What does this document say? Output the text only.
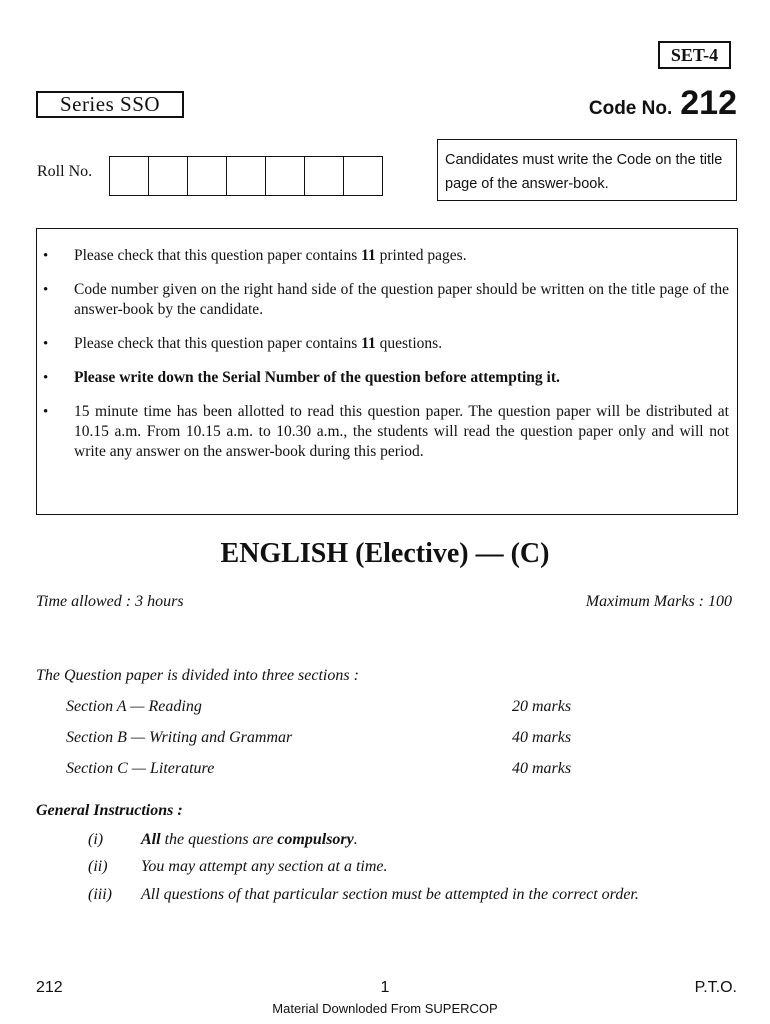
SET-4
Series SSO	Code No. 212
Roll No.
Candidates must write the Code on the title page of the answer-book.
•	Please check that this question paper contains 11 printed pages.
•	Code number given on the right hand side of the question paper should be written on the title page of the answer-book by the candidate.
•	Please check that this question paper contains 11 questions.
•	Please write down the Serial Number of the question before attempting it.
•	15 minute time has been allotted to read this question paper. The question paper will be distributed at 10.15 a.m. From 10.15 a.m. to 10.30 a.m., the students will read the question paper only and will not write any answer on the answer-book during this period.
ENGLISH (Elective) — (C)
Time allowed : 3 hours	Maximum Marks : 100
The Question paper is divided into three sections :
Section A — Reading	20 marks
Section B — Writing and Grammar	40 marks
Section C — Literature	40 marks
General Instructions :
(i)	All the questions are compulsory.
(ii)	You may attempt any section at a time.
(iii)	All questions of that particular section must be attempted in the correct order.
212	1	P.T.O.
Material Downloded From SUPERCOP
